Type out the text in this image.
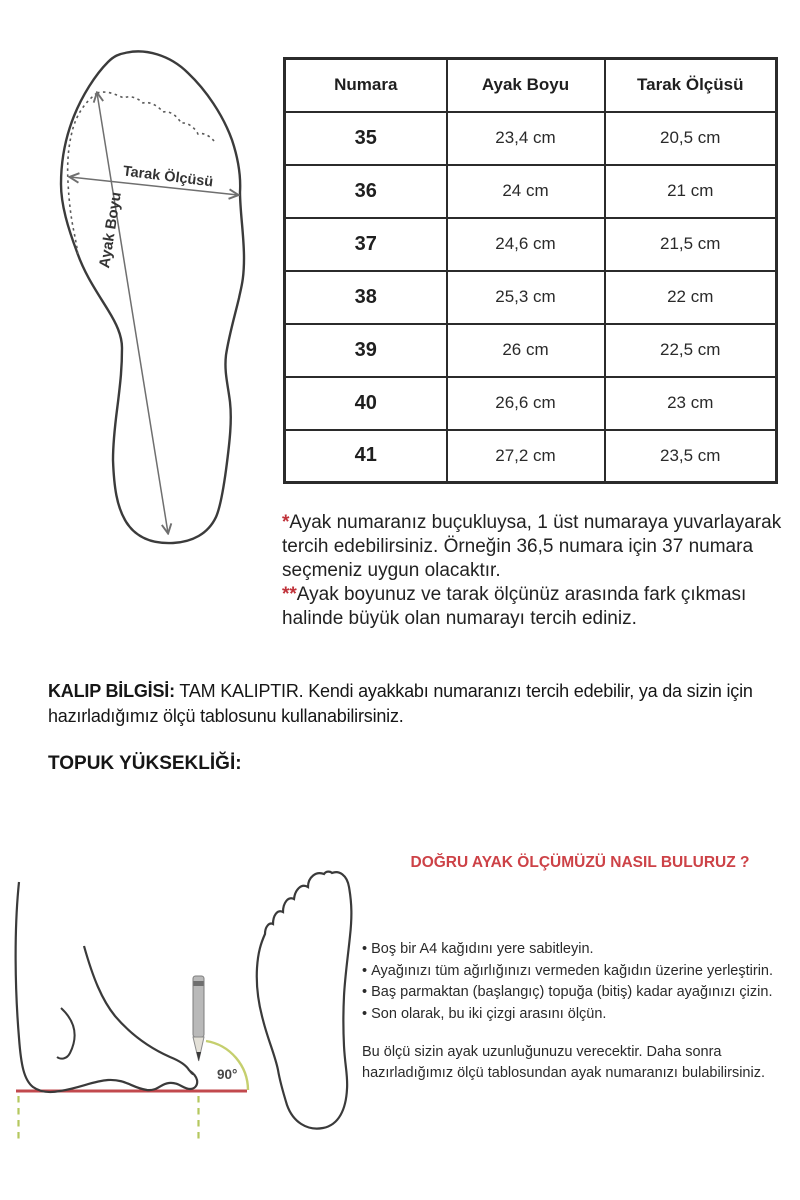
Tarak Ölçüsü
Ayak Boyu
Numara	Ayak Boyu	Tarak Ölçüsü
35	23,4 cm	20,5 cm
36	24 cm	21 cm
37	24,6 cm	21,5 cm
38	25,3 cm	22 cm
39	26 cm	22,5 cm
40	26,6 cm	23 cm
41	27,2 cm	23,5 cm

*Ayak numaranız buçukluysa, 1 üst numaraya yuvarlayarak tercih edebilirsiniz. Örneğin 36,5 numara için 37 numara seçmeniz uygun olacaktır.

**Ayak boyunuz ve tarak ölçünüz arasında fark çıkması halinde büyük olan numarayı tercih ediniz.

KALIP BİLGİSİ: TAM KALIPTIR. Kendi ayakkabı numaranızı tercih edebilir, ya da sizin için hazırladığımız ölçü tablosunu kullanabilirsiniz.
TOPUK YÜKSEKLİĞİ:
DOĞRU AYAK ÖLÇÜMÜZÜ NASIL BULURUZ ?
90°
• Boş bir A4 kağıdını yere sabitleyin.
• Ayağınızı tüm ağırlığınızı vermeden kağıdın üzerine yerleştirin.
• Baş parmaktan (başlangıç) topuğa (bitiş) kadar ayağınızı çizin.
• Son olarak, bu iki çizgi arasını ölçün.
Bu ölçü sizin ayak uzunluğunuzu verecektir. Daha sonra
hazırladığımız ölçü tablosundan ayak numaranızı bulabilirsiniz.
